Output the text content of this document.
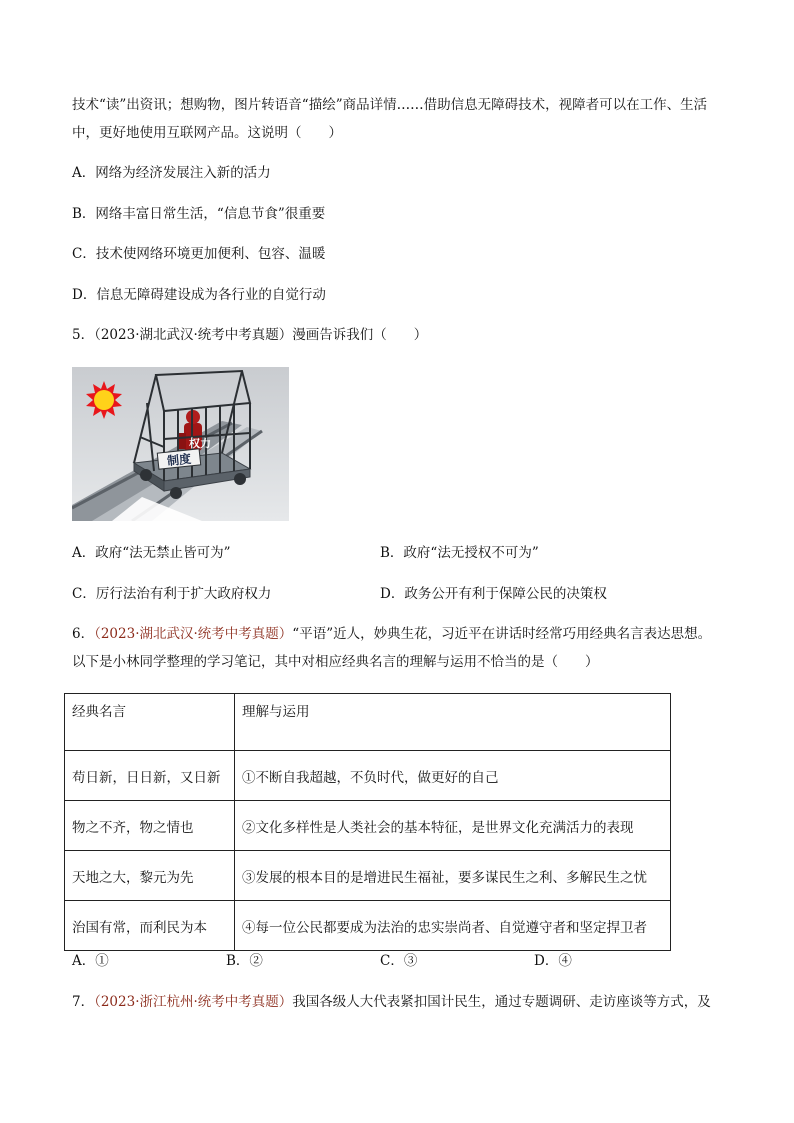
技术“读”出资讯；想购物，图片转语音“描绘”商品详情……借助信息无障碍技术，视障者可以在工作、生活
中，更好地使用互联网产品。这说明（　　）
A．网络为经济发展注入新的活力
B．网络丰富日常生活，“信息节食”很重要
C．技术使网络环境更加便利、包容、温暖
D．信息无障碍建设成为各行业的自觉行动
5．（2023·湖北武汉·统考中考真题）漫画告诉我们（　　）
制度
权力
A．政府“法无禁止皆可为”	B．政府“法无授权不可为”
C．厉行法治有利于扩大政府权力	D．政务公开有利于保障公民的决策权
6．（2023·湖北武汉·统考中考真题）“平语”近人，妙典生花，习近平在讲话时经常巧用经典名言表达思想。
以下是小林同学整理的学习笔记，其中对相应经典名言的理解与运用不恰当的是（　　）
经典名言	理解与运用
苟日新，日日新，又日新	①不断自我超越，不负时代，做更好的自己
物之不齐，物之情也	②文化多样性是人类社会的基本特征，是世界文化充满活力的表现
天地之大，黎元为先	③发展的根本目的是增进民生福祉，要多谋民生之利、多解民生之忧
治国有常，而利民为本	④每一位公民都要成为法治的忠实崇尚者、自觉遵守者和坚定捍卫者
A．①	B．②	C．③	D．④
7．（2023·浙江杭州·统考中考真题）我国各级人大代表紧扣国计民生，通过专题调研、走访座谈等方式，及
